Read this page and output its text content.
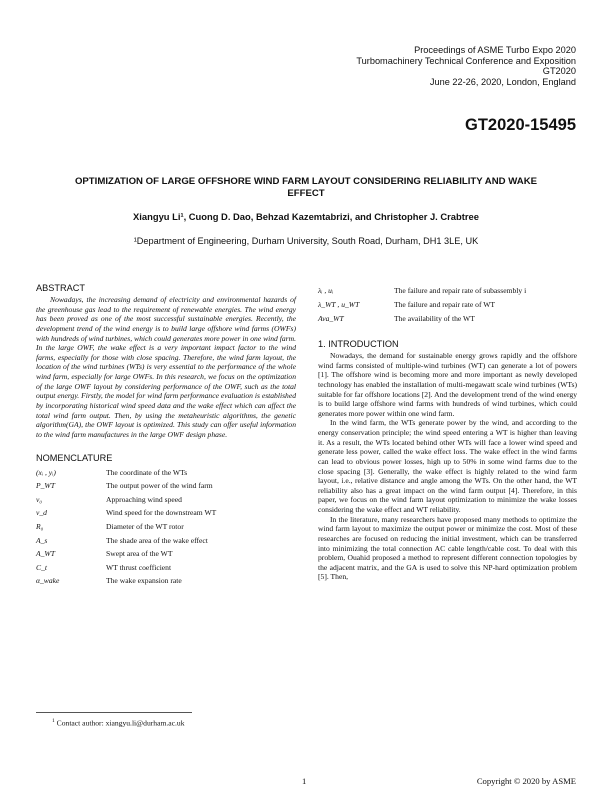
Proceedings of ASME Turbo Expo 2020
Turbomachinery Technical Conference and Exposition
GT2020
June 22-26, 2020, London, England
GT2020-15495
OPTIMIZATION OF LARGE OFFSHORE WIND FARM LAYOUT CONSIDERING RELIABILITY AND WAKE EFFECT
Xiangyu Li¹, Cuong D. Dao, Behzad Kazemtabrizi, and Christopher J. Crabtree
¹Department of Engineering, Durham University, South Road, Durham, DH1 3LE, UK
ABSTRACT

Nowadays, the increasing demand of electricity and environmental hazards of the greenhouse gas lead to the requirement of renewable energies. The wind energy has been proved as one of the most successful sustainable energies. Recently, the development trend of the wind energy is to build large offshore wind farms (OWFs) with hundreds of wind turbines, which could generates more power in one wind farm. In the large OWF, the wake effect is a very important impact factor to the wind farms, especially for those with close spacing. Therefore, the wind farm layout, the location of the wind turbines (WTs) is very essential to the performance of the whole wind farm, especially for large OWFs. In this research, we focus on the optimization of the large OWF layout by considering performance of the OWF, such as the total output energy. Firstly, the model for wind farm performance evaluation is established by incorporating historical wind speed data and the wake effect which can affect the total wind farm output. Then, by using the metaheuristic algorithms, the genetic algorithm(GA), the OWF layout is optimized. This study can offer useful information to the wind farm manufactures in the large OWF design phase.

NOMENCLATURE
(xᵢ , yᵢ)	The coordinate of the WTs
P_WT	The output power of the wind farm
v₀	Approaching wind speed
v_d	Wind speed for the downstream WT
R₀	Diameter of the WT rotor
A_s	The shade area of the wake effect
A_WT	Swept area of the WT
C_t	WT thrust coefficient
α_wake	The wake expansion rate
λᵢ , uᵢ	The failure and repair rate of subassembly i
λ_WT , u_WT	The failure and repair rate of WT
Ava_WT	The availability of the WT
1. INTRODUCTION

Nowadays, the demand for sustainable energy grows rapidly and the offshore wind farms consisted of multiple-wind turbines (WT) can generate a lot of powers [1]. The offshore wind is becoming more and more important as newly developed technology has enabled the installation of multi-megawatt scale wind turbines (WTs) suitable for far offshore locations [2]. And the development trend of the wind energy is to build large offshore wind farms with hundreds of wind turbines, which could generates more power within one wind farm.

In the wind farm, the WTs generate power by the wind, and according to the energy conservation principle; the wind speed entering a WT is higher than leaving it. As a result, the WTs located behind other WTs will face a lower wind speed and generate less power, called the wake effect loss. The wake effect in the wind farms can lead to obvious power losses, high up to 50% in some wind farms due to the close spacing [3]. Generally, the wake effect is highly related to the wind farm layout, i.e., relative distance and angle among the WTs. On the other hand, the WT reliability also has a great impact on the wind farm output [4]. Therefore, in this paper, we focus on the wind farm layout optimization to minimize the wake losses considering the wake effect and WT reliability.

In the literature, many researchers have proposed many methods to optimize the wind farm layout to maximize the output power or minimize the cost. Most of these researches are focused on reducing the initial investment, which can be transferred into minimizing the total connection AC cable length/cable cost. To deal with this problem, Ouahid proposed a method to represent different connection topologies by the adjacent matrix, and the GA is used to solve this NP-hard optimization problem [5]. Then,

$^1$ Contact author: xiangyu.li@durham.ac.uk
1	Copyright © 2020 by ASME
